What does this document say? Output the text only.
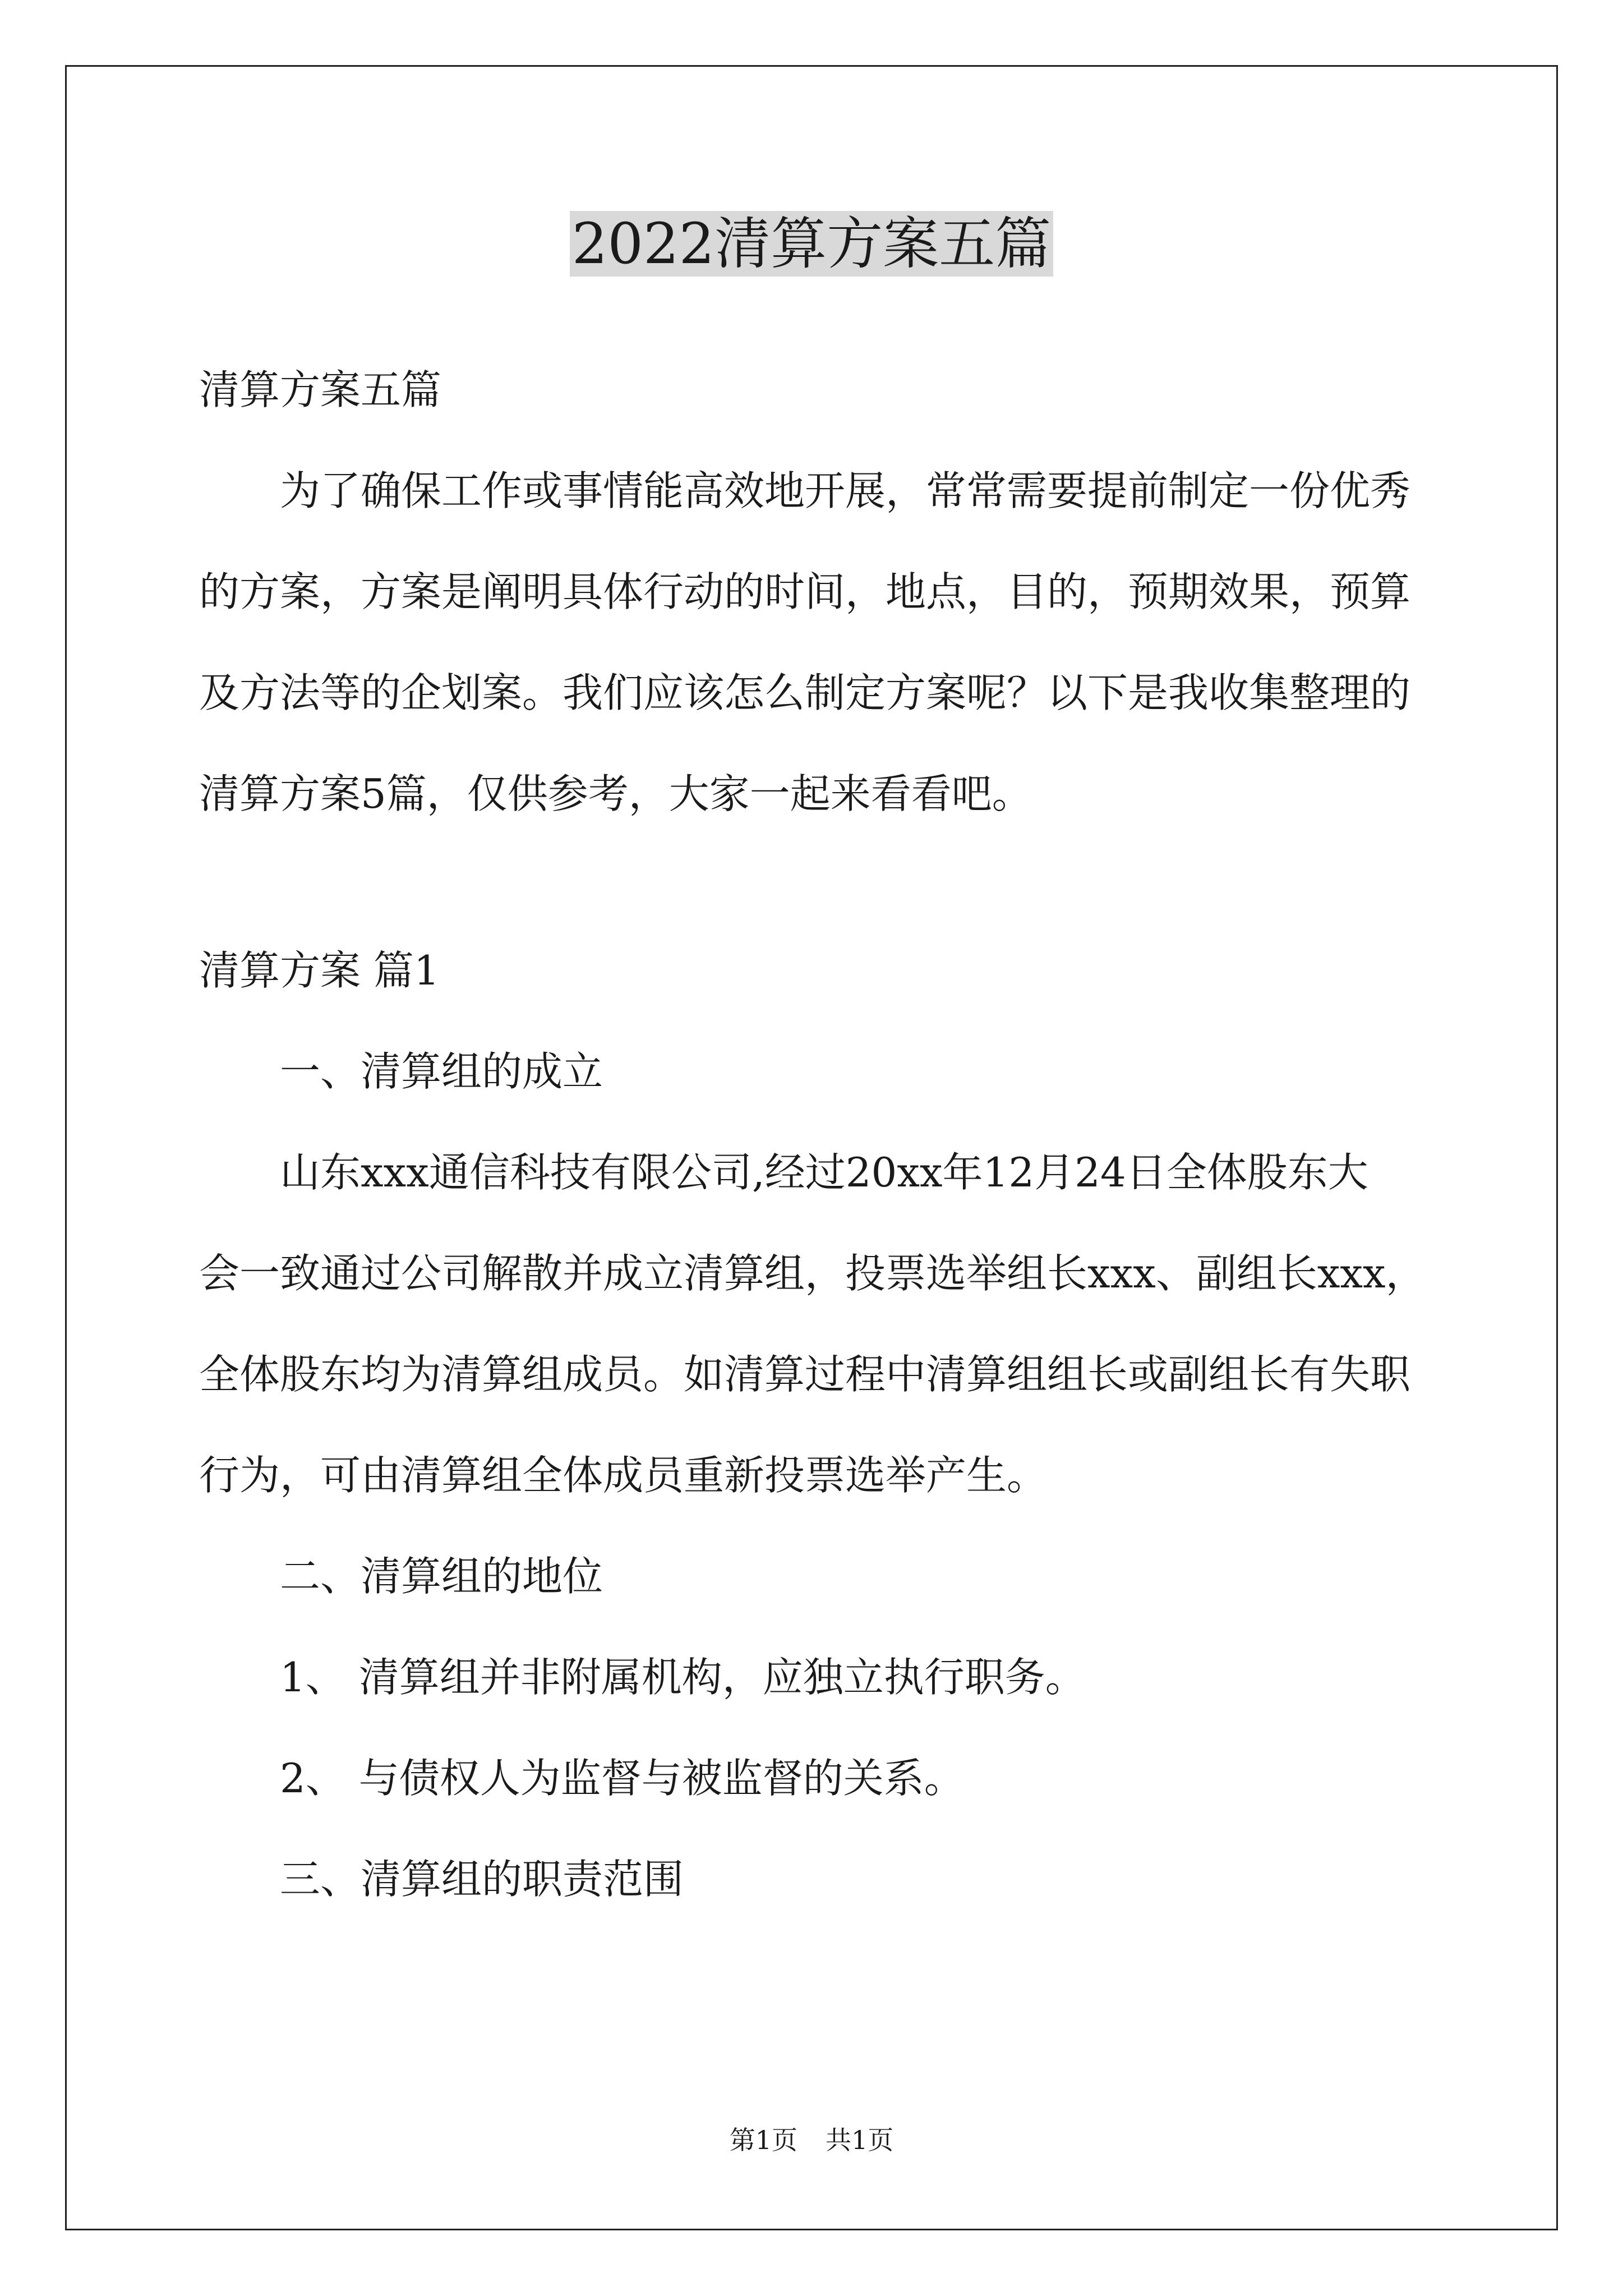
2022清算方案五篇
清算方案五篇
为了确保工作或事情能高效地开展，常常需要提前制定一份优秀
的方案，方案是阐明具体行动的时间，地点，目的，预期效果，预算
及方法等的企划案。我们应该怎么制定方案呢？以下是我收集整理的
清算方案5篇，仅供参考，大家一起来看看吧。
清算方案 篇1
一、清算组的成立
山东xxx通信科技有限公司,经过20xx年12月24日全体股东大
会一致通过公司解散并成立清算组，投票选举组长xxx、副组长xxx，
全体股东均为清算组成员。如清算过程中清算组组长或副组长有失职
行为，可由清算组全体成员重新投票选举产生。
二、清算组的地位
1、 清算组并非附属机构，应独立执行职务。
2、 与债权人为监督与被监督的关系。
三、清算组的职责范围
第1页 共1页
